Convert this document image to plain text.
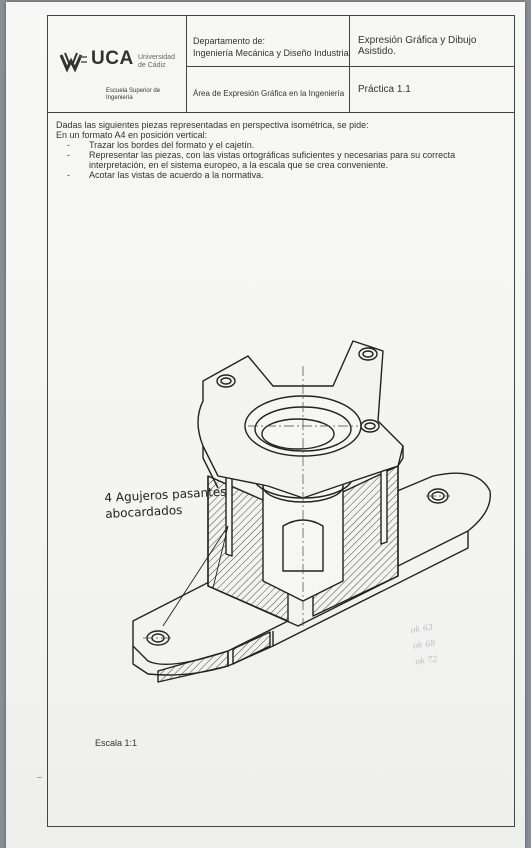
UCA Universidad de Cádiz
Escuela Superior de Ingeniería
Departamento de:
Ingeniería Mecánica y Diseño Industrial
Área de Expresión Gráfica en la Ingeniería
Expresión Gráfica y Dibujo Asistido.
Práctica 1.1

Dadas las siguientes piezas representadas en perspectiva isométrica, se pide:

En un formato A4 en posición vertical:

- Trazar los bordes del formato y el cajetín.

- Representar las piezas, con las vistas ortográficas suficientes y necesarias para su correcta interpretación, en el sistema europeo, a la escala que se crea conveniente.

- Acotar las vistas de acuerdo a la normativa.

4 Agujeros pasantes
abocardados
ok 63
ok 68
ok 72
Escala 1:1
